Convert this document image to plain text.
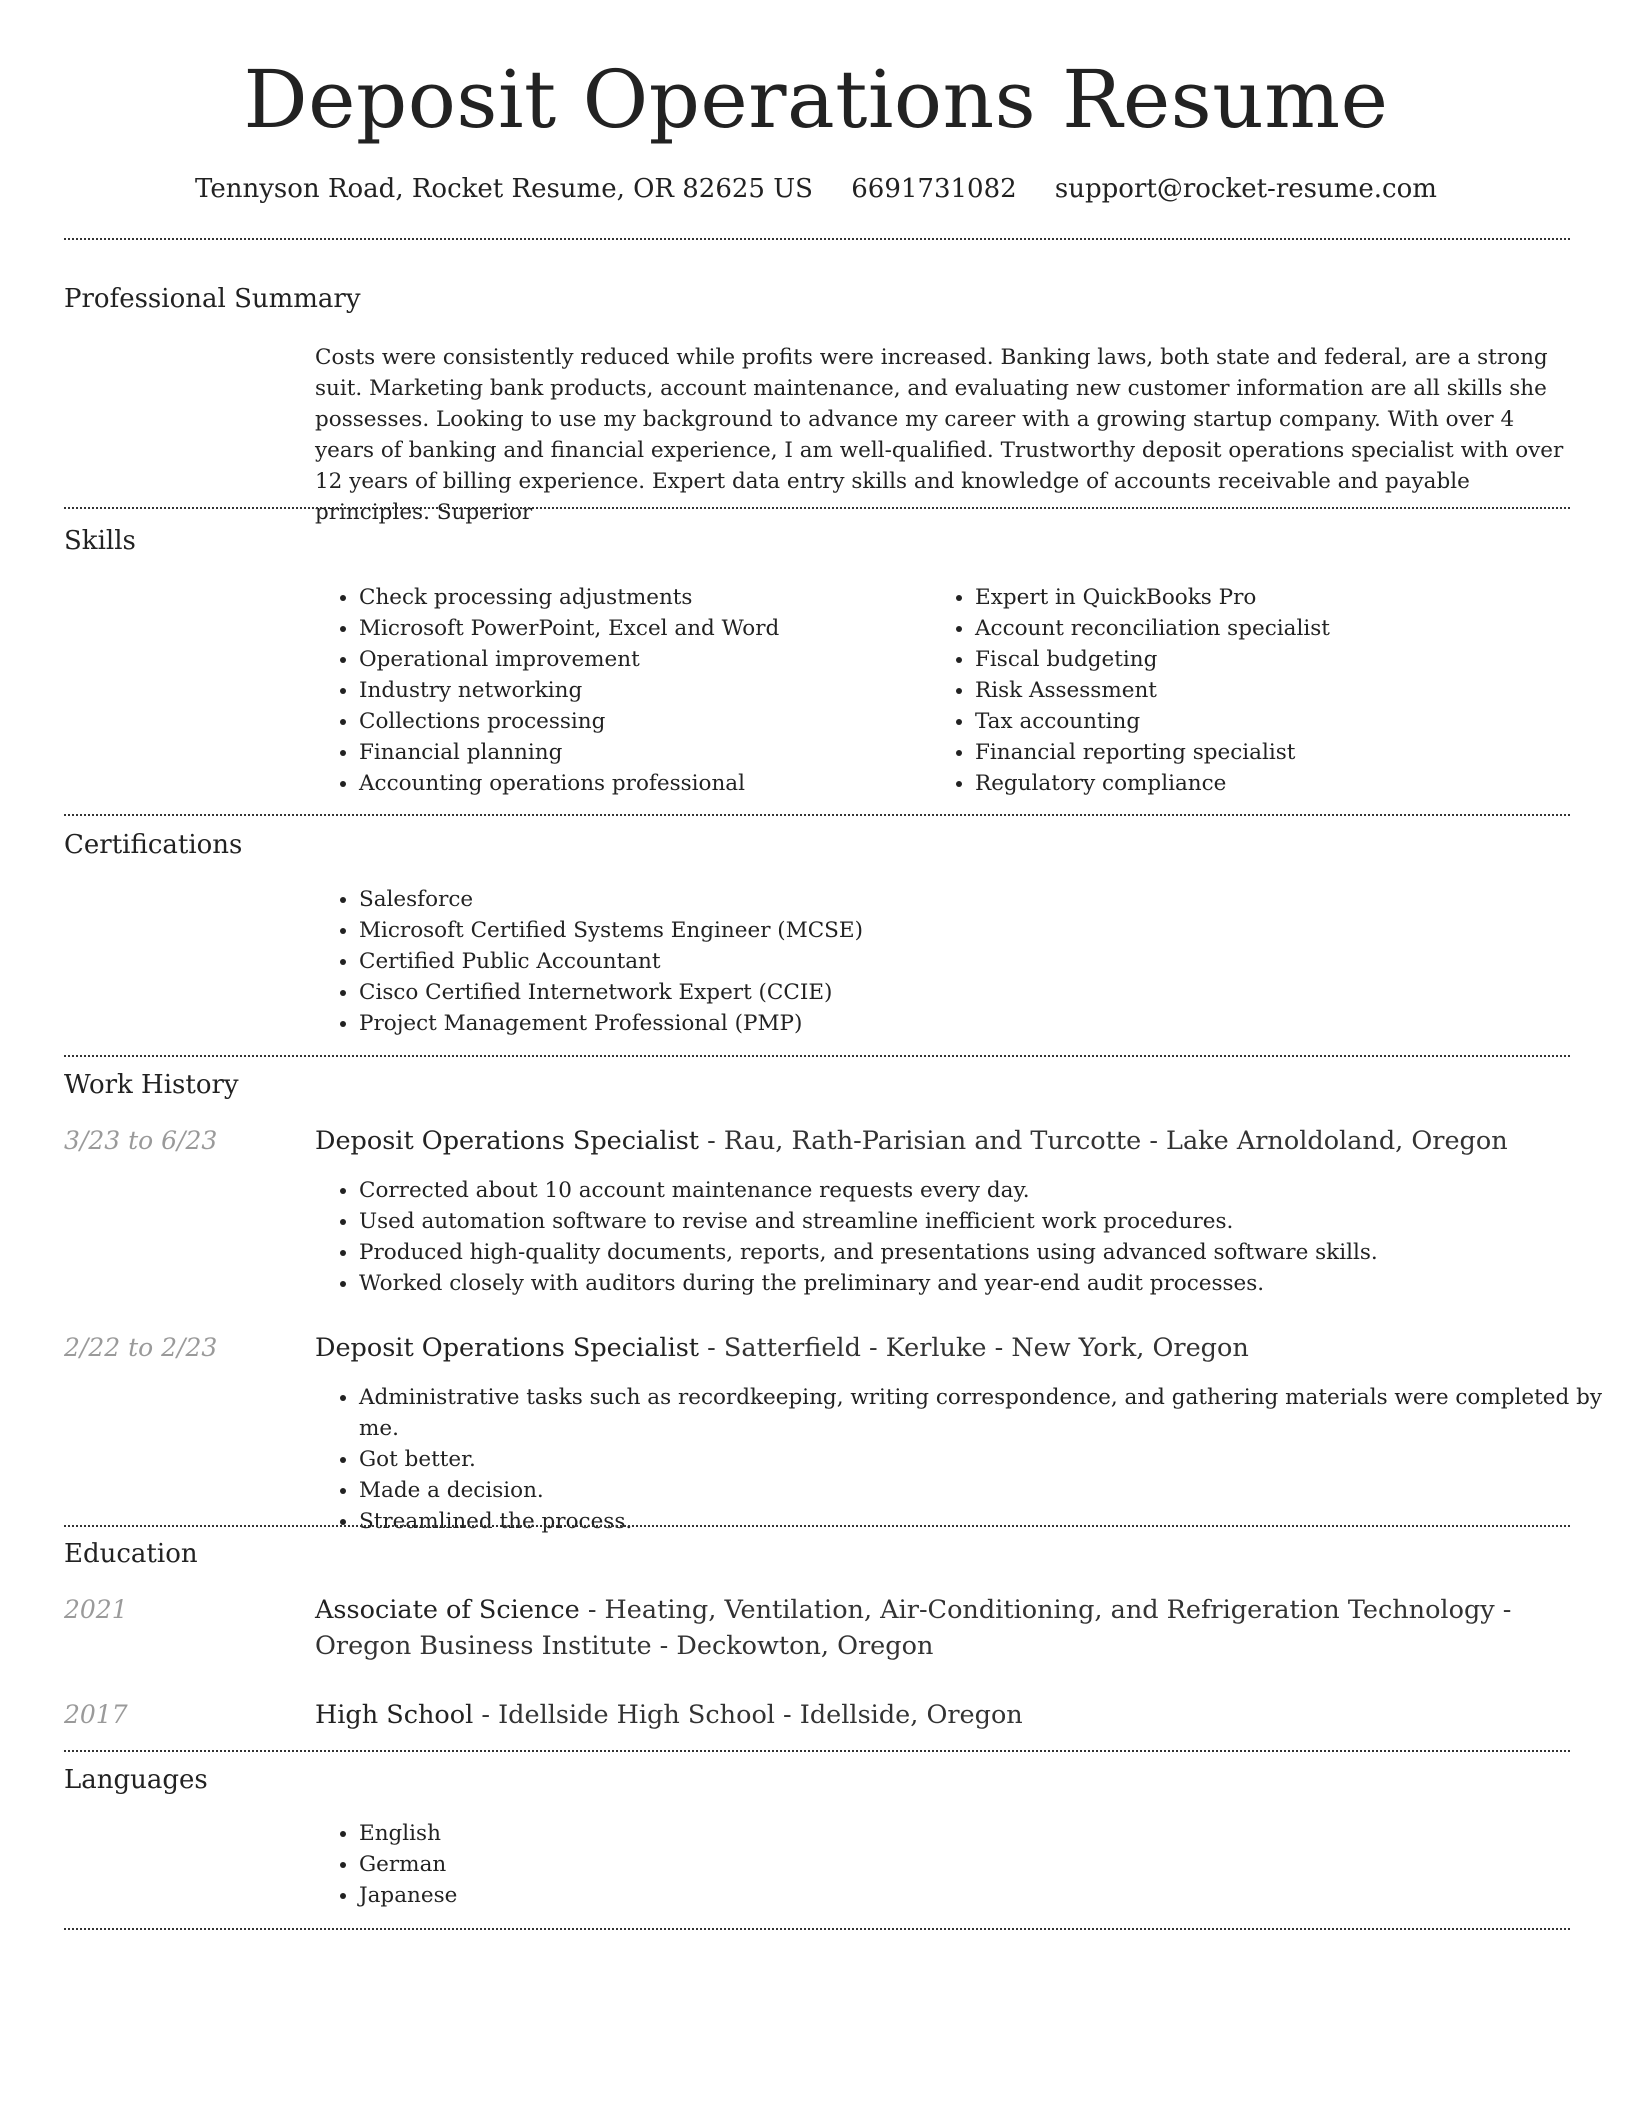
Deposit Operations Resume
Tennyson Road, Rocket Resume, OR 82625 US 6691731082 support@rocket-resume.com
Professional Summary

Costs were consistently reduced while profits were increased. Banking laws, both state and federal, are a strong suit. Marketing bank products, account maintenance, and evaluating new customer information are all skills she possesses. Looking to use my background to advance my career with a growing startup company. With over 4 years of banking and financial experience, I am well-qualified. Trustworthy deposit operations specialist with over 12 years of billing experience. Expert data entry skills and knowledge of accounts receivable and payable principles. Superior

Skills
• Check processing adjustments
• Microsoft PowerPoint, Excel and Word
• Operational improvement
• Industry networking
• Collections processing
• Financial planning
• Accounting operations professional
• Expert in QuickBooks Pro
• Account reconciliation specialist
• Fiscal budgeting
• Risk Assessment
• Tax accounting
• Financial reporting specialist
• Regulatory compliance
Certifications
• Salesforce
• Microsoft Certified Systems Engineer (MCSE)
• Certified Public Accountant
• Cisco Certified Internetwork Expert (CCIE)
• Project Management Professional (PMP)
Work History
3/23 to 6/23	Deposit Operations Specialist - Rau, Rath-Parisian and Turcotte - Lake Arnoldoland, Oregon
• Corrected about 10 account maintenance requests every day.
• Used automation software to revise and streamline inefficient work procedures.
• Produced high-quality documents, reports, and presentations using advanced software skills.
• Worked closely with auditors during the preliminary and year-end audit processes.
2/22 to 2/23	Deposit Operations Specialist - Satterfield - Kerluke - New York, Oregon
• Administrative tasks such as recordkeeping, writing correspondence, and gathering materials were completed by me.
• Got better.
• Made a decision.
• Streamlined the process.
Education
2021	Associate of Science - Heating, Ventilation, Air-Conditioning, and Refrigeration Technology - Oregon Business Institute - Deckowton, Oregon
2017	High School - Idellside High School - Idellside, Oregon
Languages
• English
• German
• Japanese
